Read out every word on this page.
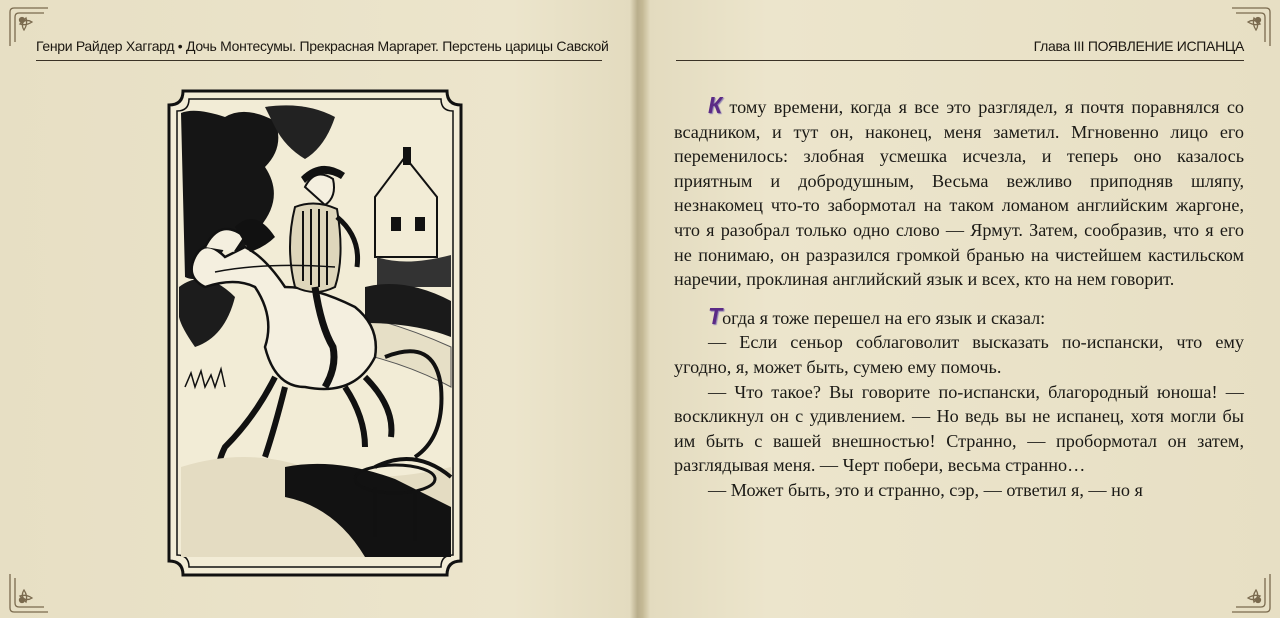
Генри Райдер Хаггард • Дочь Монтесумы. Прекрасная Маргарет. Перстень царицы Савской	Глава III ПОЯВЛЕНИЕ ИСПАНЦА

К тому времени, когда я все это разглядел, я почтя поравнялся со всадником, и тут он, наконец, меня заметил. Мгновенно лицо его переменилось: злобная усмешка исчезла, и теперь оно казалось приятным и добродушным, Весьма вежливо приподняв шляпу, незнакомец что-то забормотал на таком ломаном английским жаргоне, что я разобрал только одно слово — Ярмут. Затем, сообразив, что я его не понимаю, он разразился громкой бранью на чистейшем кастильском наречии, проклиная английский язык и всех, кто на нем говорит.

Тогда я тоже перешел на его язык и сказал:

— Если сеньор соблаговолит высказать по-испански, что ему угодно, я, может быть, сумею ему помочь.

— Что такое? Вы говорите по-испански, благородный юноша! — воскликнул он с удивлением. — Но ведь вы не испанец, хотя могли бы им быть с вашей внешностью! Странно, — пробормотал он затем, разглядывая меня. — Черт побери, весьма странно…

— Может быть, это и странно, сэр, — ответил я, — но я
